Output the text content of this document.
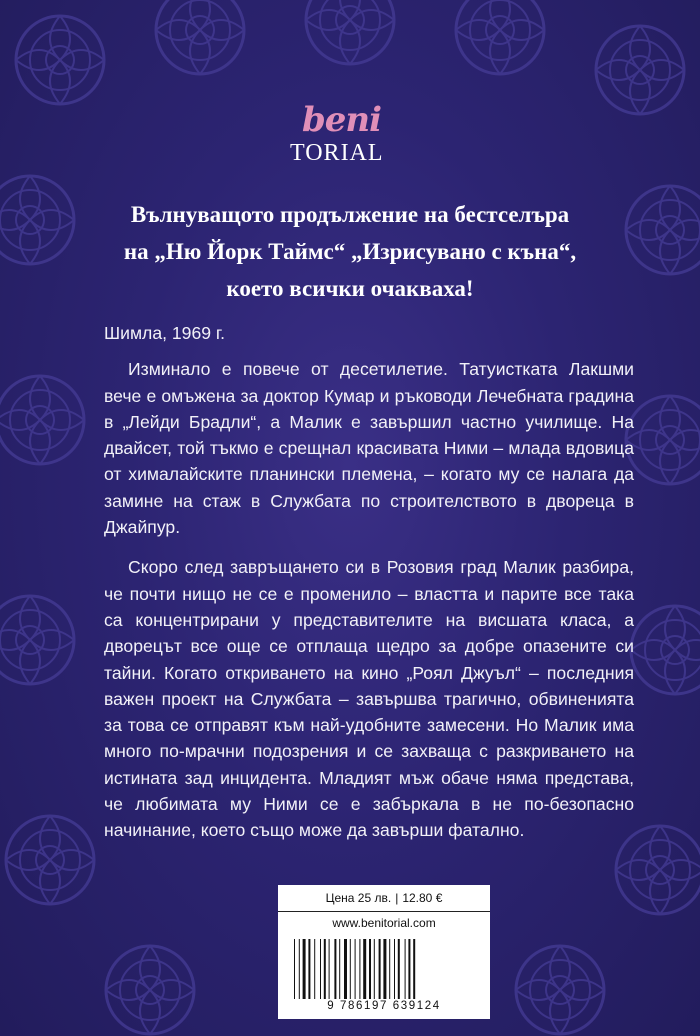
beni
TORIAL
Вълнуващото продължение на бестселъра
на „Ню Йорк Таймс“ „Изрисувано с къна“,
което всички очакваха!

Шимла, 1969 г.

Изминало е повече от десетилетие. Татуистката Лакшми вече е омъжена за доктор Кумар и ръководи Лечебната градина в „Лейди Брадли“, а Малик е завършил частно училище. На двайсет, той тъкмо е срещнал красивата Ними – млада вдовица от хималайските планински племена, – когато му се налага да замине на стаж в Службата по строителството в двореца в Джайпур.

Скоро след завръщането си в Розовия град Малик разбира, че почти нищо не се е променило – властта и парите все така са концентрирани у представителите на висшата класа, а дворецът все още се отплаща щедро за добре опазените си тайни. Когато откриването на кино „Роял Джуъл“ – последния важен проект на Службата – завършва трагично, обвиненията за това се отправят към най-удобните замесени. Но Малик има много по-мрачни подозрения и се захваща с разкриването на истината зад инцидента. Младият мъж обаче няма представа, че любимата му Ними се е забъркала в не по-безопасно начинание, което също може да завърши фатално.

Цена 25 лв. | 12.80 €
www.benitorial.com
9 786197 639124
